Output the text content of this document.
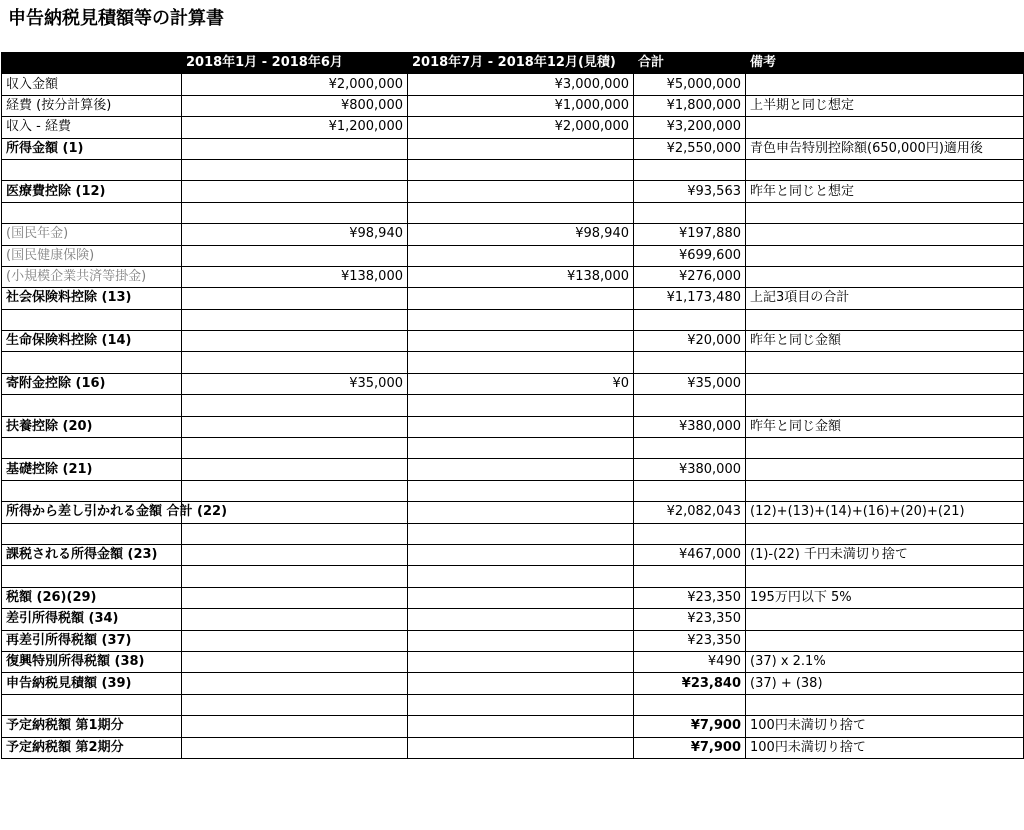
申告納税見積額等の計算書
	2018年1月 - 2018年6月	2018年7月 - 2018年12月(見積)	合計	備考
収入金額	¥2,000,000	¥3,000,000	¥5,000,000	
経費 (按分計算後)	¥800,000	¥1,000,000	¥1,800,000	上半期と同じ想定
収入 - 経費	¥1,200,000	¥2,000,000	¥3,200,000	
所得金額 (1)			¥2,550,000	青色申告特別控除額(650,000円)適用後

医療費控除 (12)			¥93,563	昨年と同じと想定

(国民年金)	¥98,940	¥98,940	¥197,880	
(国民健康保険)			¥699,600	
(小規模企業共済等掛金)	¥138,000	¥138,000	¥276,000	
社会保険料控除 (13)			¥1,173,480	上記3項目の合計

生命保険料控除 (14)			¥20,000	昨年と同じ金額

寄附金控除 (16)	¥35,000	¥0	¥35,000	

扶養控除 (20)			¥380,000	昨年と同じ金額

基礎控除 (21)			¥380,000	

所得から差し引かれる金額 合計 (22)			¥2,082,043	(12)+(13)+(14)+(16)+(20)+(21)

課税される所得金額 (23)			¥467,000	(1)-(22) 千円未満切り捨て

税額 (26)(29)			¥23,350	195万円以下 5%
差引所得税額 (34)			¥23,350	
再差引所得税額 (37)			¥23,350	
復興特別所得税額 (38)			¥490	(37) x 2.1%
申告納税見積額 (39)			¥23,840	(37) + (38)

予定納税額 第1期分			¥7,900	100円未満切り捨て
予定納税額 第2期分			¥7,900	100円未満切り捨て
